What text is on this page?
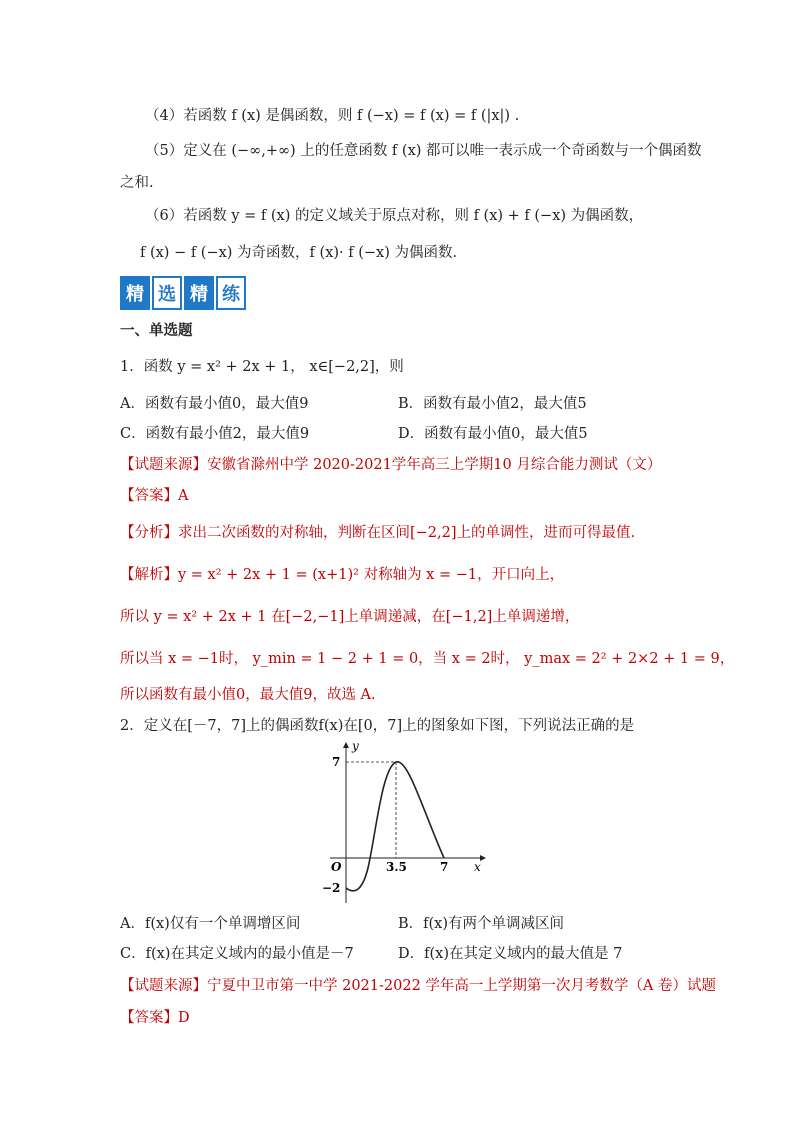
（4）若函数 f (x) 是偶函数，则 f (−x) = f (x) = f (|x|) .
（5）定义在 (−∞,+∞) 上的任意函数 f (x) 都可以唯一表示成一个奇函数与一个偶函数
之和.
（6）若函数 y = f (x) 的定义域关于原点对称，则 f (x) + f (−x) 为偶函数，
f (x) − f (−x) 为奇函数，f (x)· f (−x) 为偶函数.
精 选 精 练
一、单选题
1．函数 y = x² + 2x + 1， x∈[−2,2]，则
A．函数有最小值0，最大值9	B．函数有最小值2，最大值5
C．函数有最小值2，最大值9	D．函数有最小值0，最大值5
【试题来源】安徽省滁州中学 2020-2021学年高三上学期10 月综合能力测试（文）
【答案】A
【分析】求出二次函数的对称轴，判断在区间[−2,2]上的单调性，进而可得最值.
【解析】y = x² + 2x + 1 = (x+1)² 对称轴为 x = −1，开口向上，
所以 y = x² + 2x + 1 在[−2,−1]上单调递减，在[−1,2]上单调递增，
所以当 x = −1时， y_min = 1 − 2 + 1 = 0，当 x = 2时， y_max = 2² + 2×2 + 1 = 9，
所以函数有最小值0，最大值9，故选 A.
2．定义在[－7，7]上的偶函数f(x)在[0，7]上的图象如下图，下列说法正确的是
y
x
O
7
−2
3.5	7
A．f(x)仅有一个单调增区间	B．f(x)有两个单调减区间
C．f(x)在其定义域内的最小值是－7	D．f(x)在其定义域内的最大值是 7
【试题来源】宁夏中卫市第一中学 2021-2022 学年高一上学期第一次月考数学（A 卷）试题
【答案】D
